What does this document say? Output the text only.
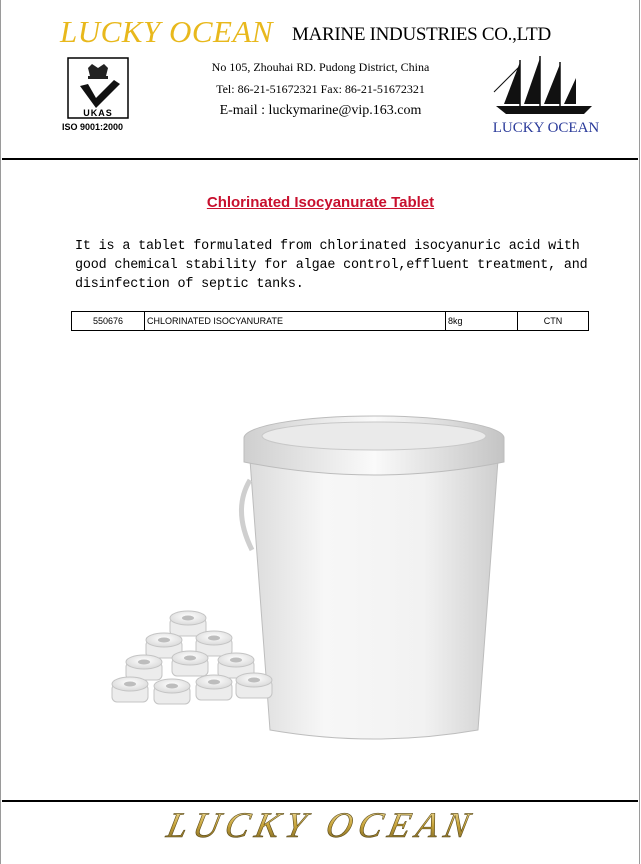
LUCKY OCEAN MARINE INDUSTRIES CO.,LTD
UKAS
ISO 9001:2000
No 105, Zhouhai RD. Pudong District, China
Tel: 86-21-51672321 Fax: 86-21-51672321
E-mail : luckymarine@vip.163.com
LUCKY OCEAN
Chlorinated Isocyanurate Tablet
It is a tablet formulated from chlorinated isocyanuric acid with good chemical stability for algae control,effluent treatment, and disinfection of septic tanks.
550676	CHLORINATED ISOCYANURATE	8kg	CTN
LUCKY OCEAN
